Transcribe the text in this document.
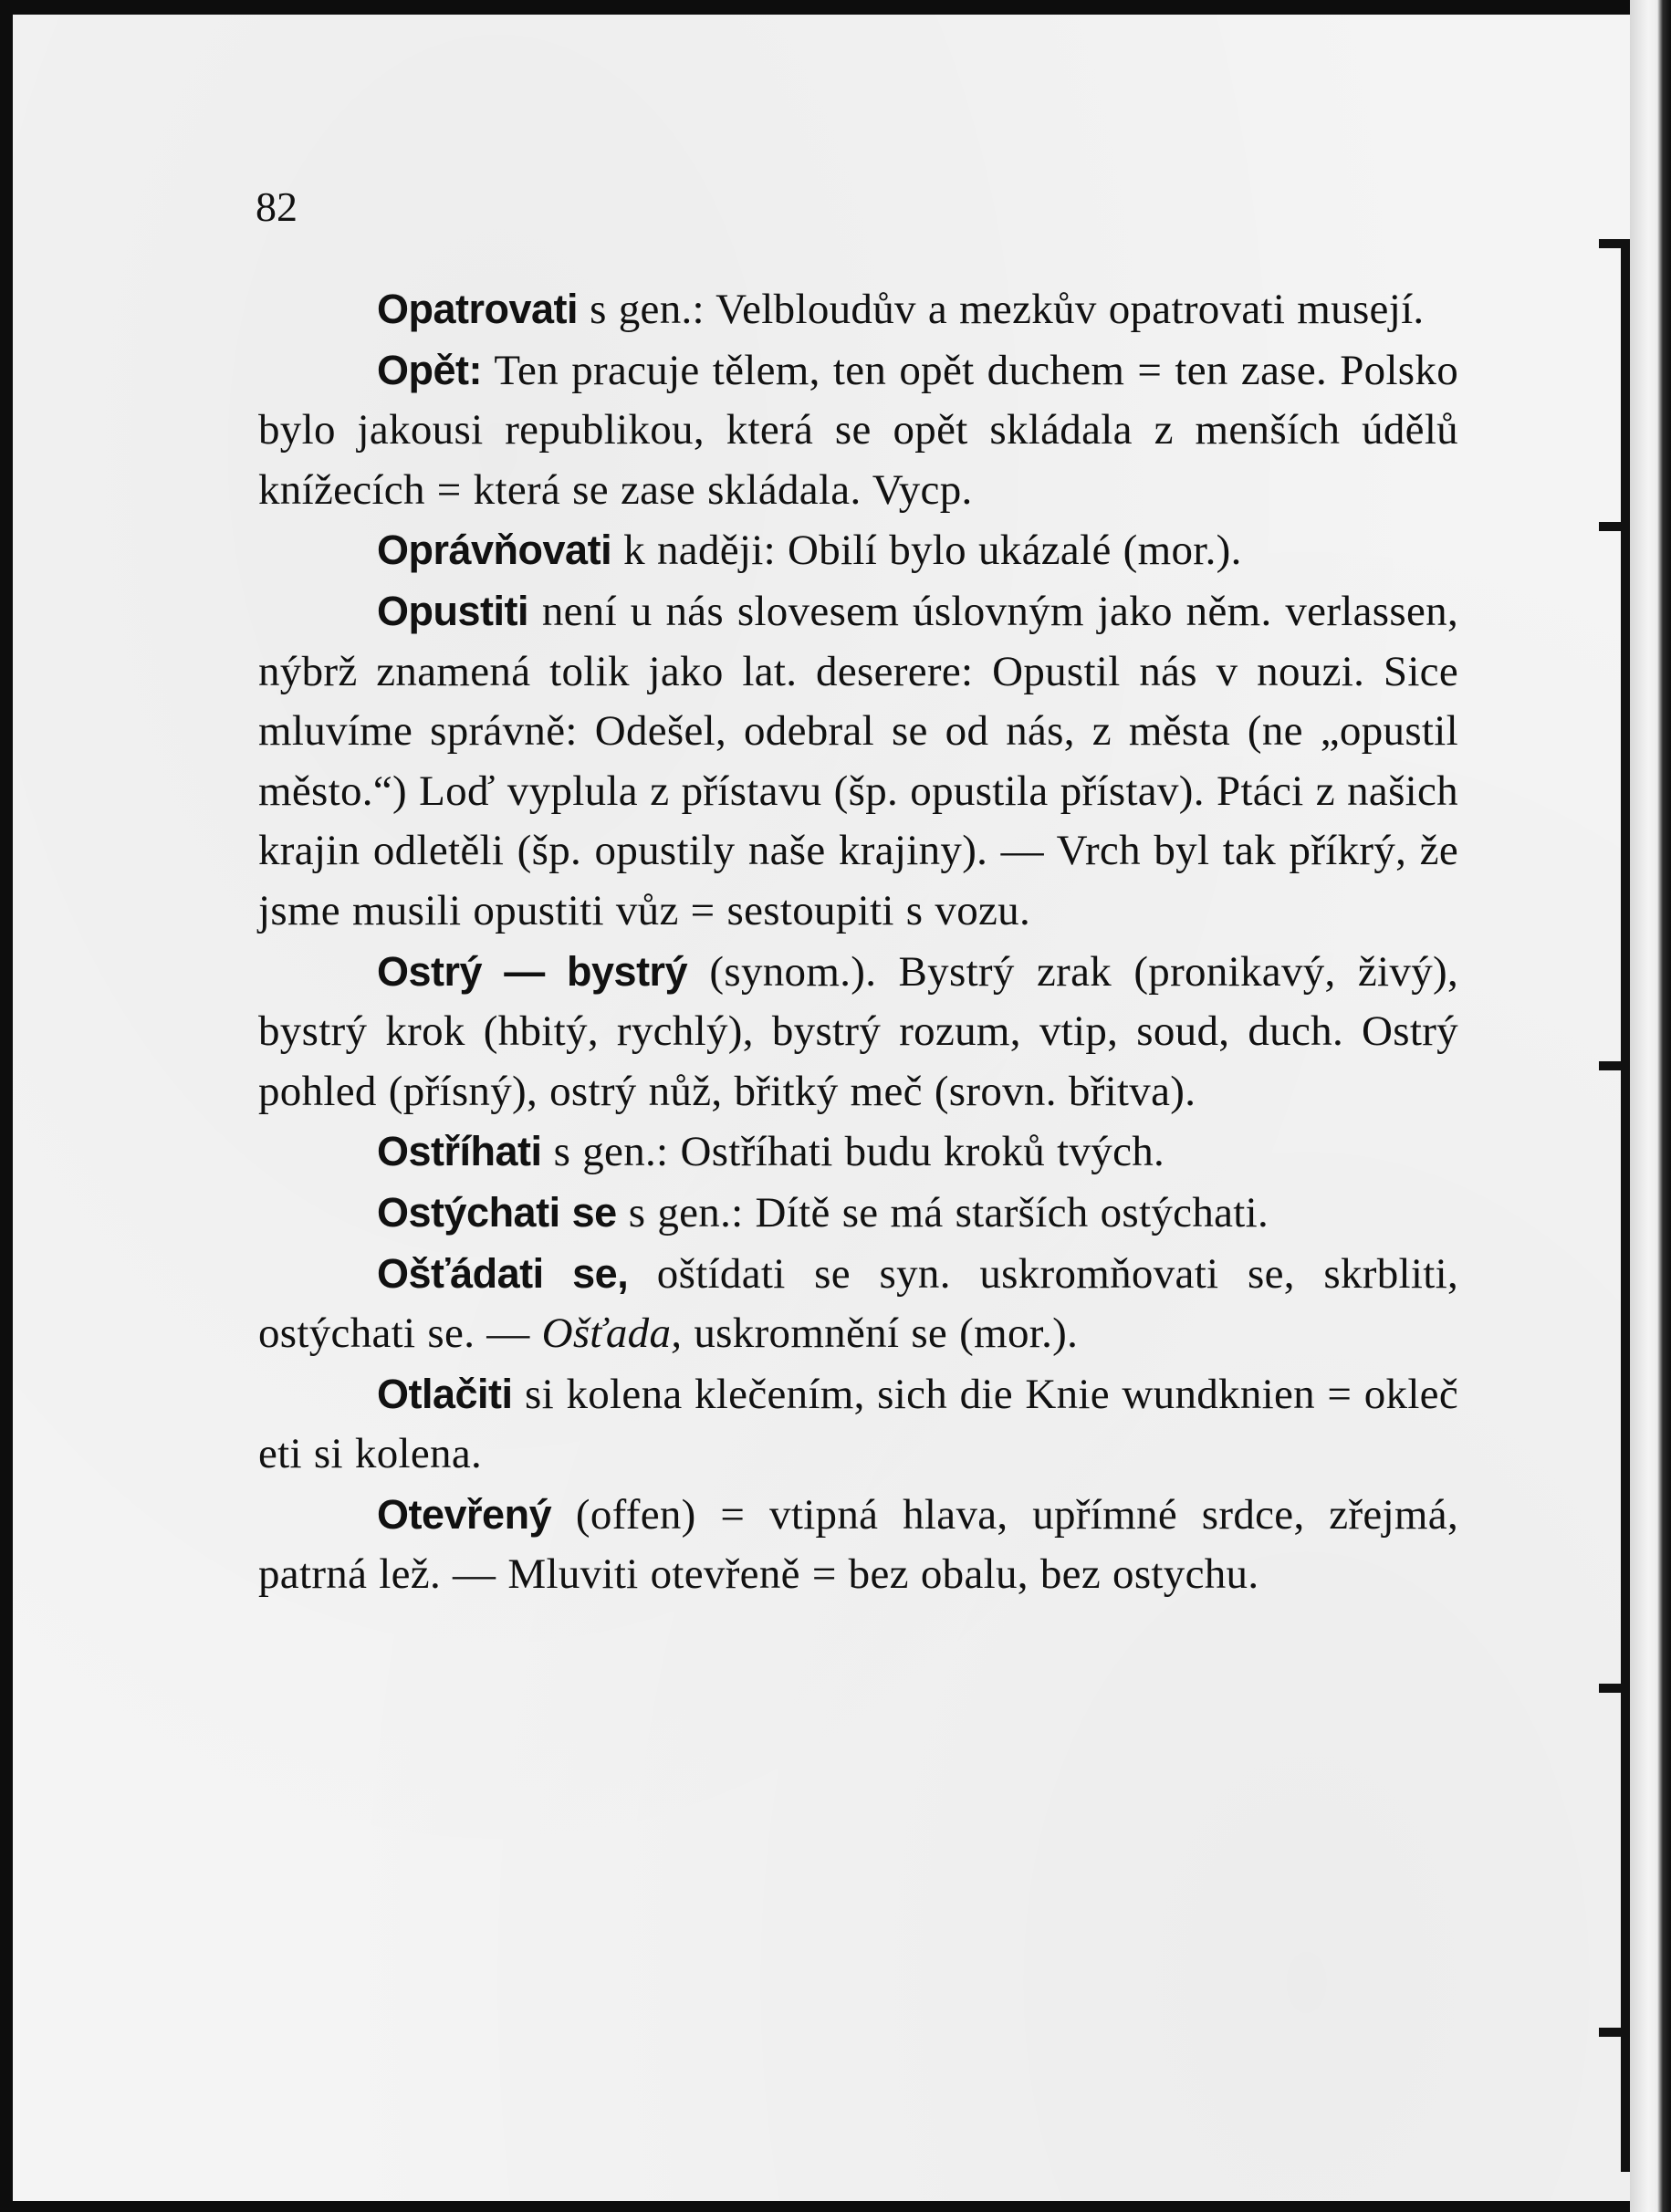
82

Opatrovati s gen.: Velbloudův a mezkův opatrovati musejí.

Opět: Ten pracuje tělem, ten opět duchem = ten zase. Polsko bylo jakousi republikou, která se opět skládala z menších údělů knížecích = která se zase skládala. Vycp.

Oprávňovati k naději: Obilí bylo ukázalé (mor.).

Opustiti není u nás slovesem úslovným jako něm. verlassen, nýbrž znamená tolik jako lat. deserere: Opustil nás v nouzi. Sice mluvíme správně: Odešel, odebral se od nás, z města (ne „opustil město.“) Loď vyplula z přístavu (šp. opustila přístav). Ptáci z našich krajin odletěli (šp. opustily naše krajiny). — Vrch byl tak příkrý, že jsme musili opustiti vůz = sestoupiti s vozu.

Ostrý — bystrý (synom.). Bystrý zrak (pronikavý, živý), bystrý krok (hbitý, rychlý), bystrý rozum, vtip, soud, duch. Ostrý pohled (přísný), ostrý nůž, břitký meč (srovn. břitva).

Ostříhati s gen.: Ostříhati budu kroků tvých.

Ostýchati se s gen.: Dítě se má starších ostýchati.

Ošťádati se, oštídati se syn. uskromňovati se, skrbliti, ostýchati se. — Ošťada, uskromnění se (mor.).

Otlačiti si kolena klečením, sich die Knie wundknien = okleč eti si kolena.

Otevřený (offen) = vtipná hlava, upřímné srdce, zřejmá, patrná lež. — Mluviti otevřeně = bez obalu, bez ostychu.
